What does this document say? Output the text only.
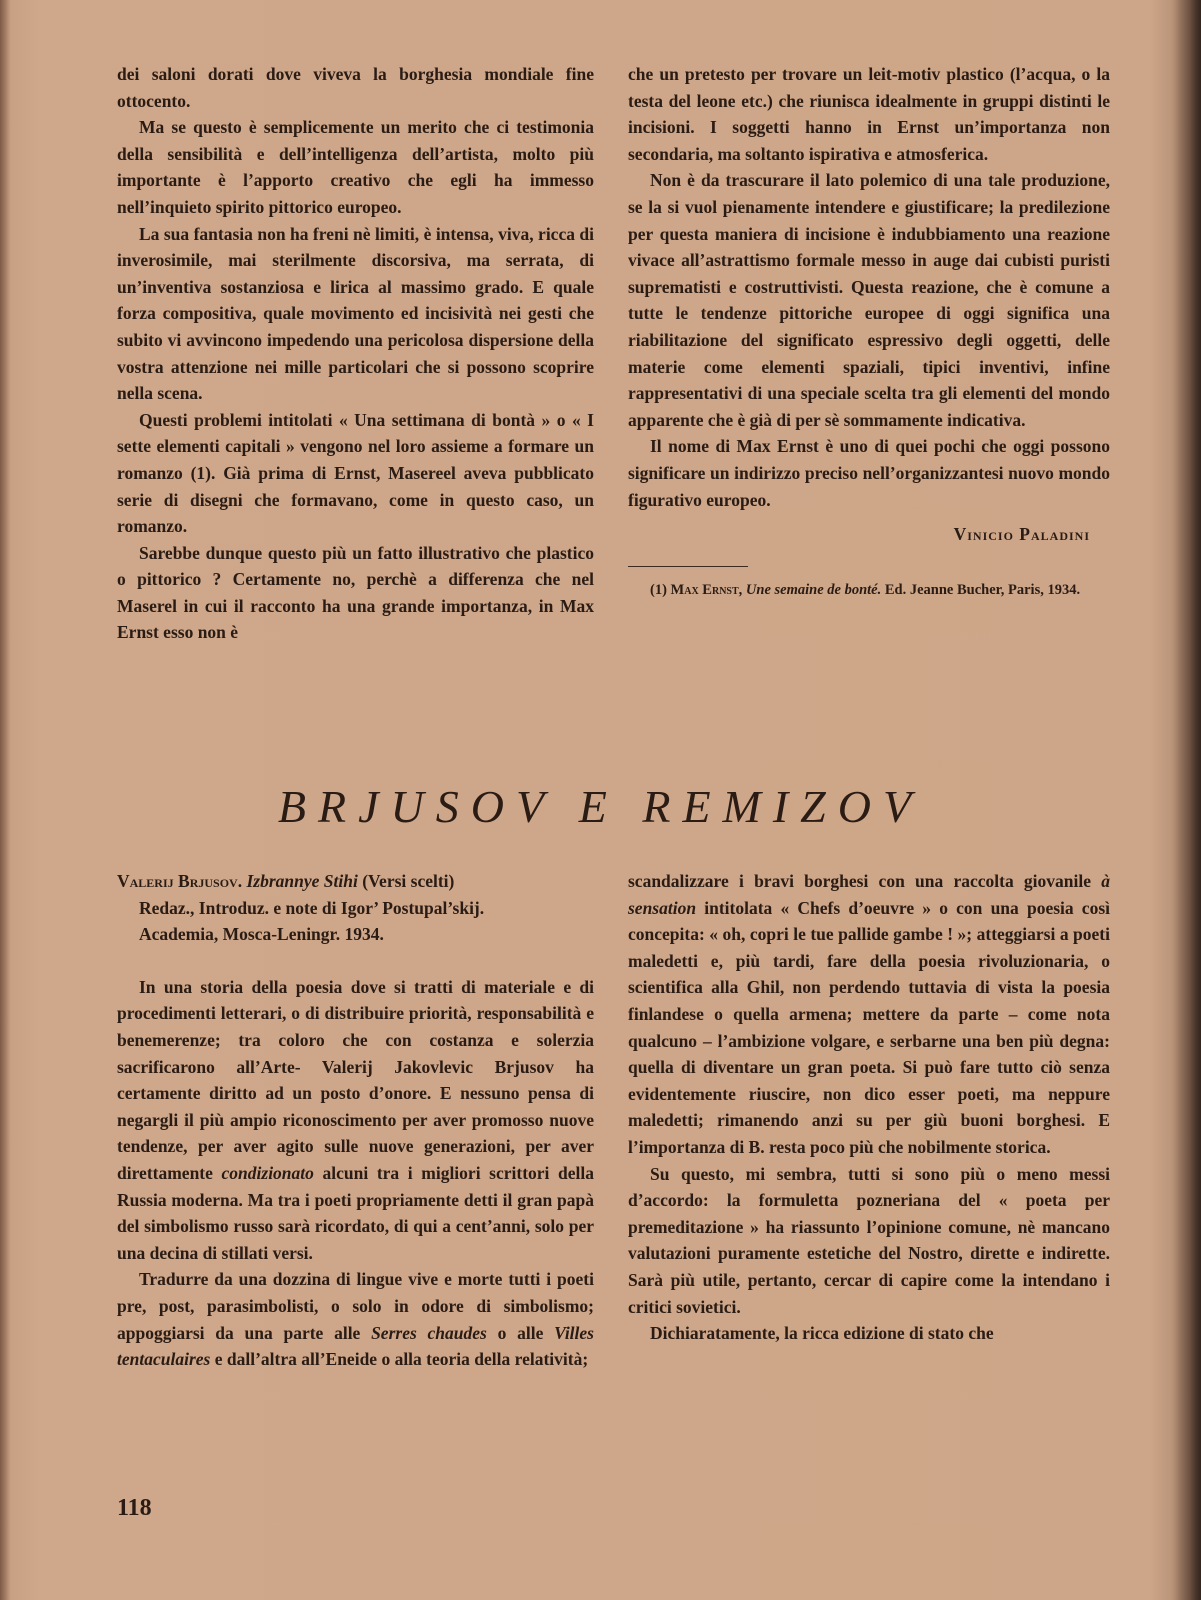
dei saloni dorati dove viveva la borghesia mondiale fine ottocento.

Ma se questo è semplicemente un merito che ci testimonia della sensibilità e dell’intelligenza dell’artista, molto più importante è l’apporto creativo che egli ha immesso nell’inquieto spirito pittorico europeo.

La sua fantasia non ha freni nè limiti, è intensa, viva, ricca di inverosimile, mai sterilmente discorsiva, ma serrata, di un’inventiva sostanziosa e lirica al massimo grado. E quale forza compositiva, quale movimento ed incisività nei gesti che subito vi avvincono impedendo una pericolosa dispersione della vostra attenzione nei mille particolari che si possono scoprire nella scena.

Questi problemi intitolati « Una settimana di bontà » o « I sette elementi capitali » vengono nel loro assieme a formare un romanzo (1). Già prima di Ernst, Masereel aveva pubblicato serie di disegni che formavano, come in questo caso, un romanzo.

Sarebbe dunque questo più un fatto illustrativo che plastico o pittorico ? Certamente no, perchè a differenza che nel Maserel in cui il racconto ha una grande importanza, in Max Ernst esso non è

che un pretesto per trovare un leit-motiv plastico (l’acqua, o la testa del leone etc.) che riunisca idealmente in gruppi distinti le incisioni. I soggetti hanno in Ernst un’importanza non secondaria, ma soltanto ispirativa e atmosferica.

Non è da trascurare il lato polemico di una tale produzione, se la si vuol pienamente intendere e giustificare; la predilezione per questa maniera di incisione è indubbiamento una reazione vivace all’astrattismo formale messo in auge dai cubisti puristi suprematisti e costruttivisti. Questa reazione, che è comune a tutte le tendenze pittoriche europee di oggi significa una riabilitazione del significato espressivo degli oggetti, delle materie come elementi spaziali, tipici inventivi, infine rappresentativi di una speciale scelta tra gli elementi del mondo apparente che è già di per sè sommamente indicativa.

Il nome di Max Ernst è uno di quei pochi che oggi possono significare un indirizzo preciso nell’organizzantesi nuovo mondo figurativo europeo.

Vinicio Paladini
(1) Max Ernst, Une semaine de bonté. Ed. Jeanne Bucher, Paris, 1934.
BRJUSOV E REMIZOV
Valerij Brjusov. Izbrannye Stihi (Versi scelti)
Redaz., Introduz. e note di Igor’ Postupal’skij.
Academia, Mosca-Leningr. 1934.

In una storia della poesia dove si tratti di materiale e di procedimenti letterari, o di distribuire priorità, responsabilità e benemerenze; tra coloro che con costanza e solerzia sacrificarono all’Arte- Valerij Jakovlevic Brjusov ha certamente diritto ad un posto d’onore. E nessuno pensa di negargli il più ampio riconoscimento per aver promosso nuove tendenze, per aver agito sulle nuove generazioni, per aver direttamente condizionato alcuni tra i migliori scrittori della Russia moderna. Ma tra i poeti propriamente detti il gran papà del simbolismo russo sarà ricordato, di qui a cent’anni, solo per una decina di stillati versi.

Tradurre da una dozzina di lingue vive e morte tutti i poeti pre, post, parasimbolisti, o solo in odore di simbolismo; appoggiarsi da una parte alle Serres chaudes o alle Villes tentaculaires e dall’altra all’Eneide o alla teoria della relatività;

scandalizzare i bravi borghesi con una raccolta giovanile à sensation intitolata « Chefs d’oeuvre » o con una poesia così concepita: « oh, copri le tue pallide gambe ! »; atteggiarsi a poeti maledetti e, più tardi, fare della poesia rivoluzionaria, o scientifica alla Ghil, non perdendo tuttavia di vista la poesia finlandese o quella armena; mettere da parte – come nota qualcuno – l’ambizione volgare, e serbarne una ben più degna: quella di diventare un gran poeta. Si può fare tutto ciò senza evidentemente riuscire, non dico esser poeti, ma neppure maledetti; rimanendo anzi su per giù buoni borghesi. E l’importanza di B. resta poco più che nobilmente storica.

Su questo, mi sembra, tutti si sono più o meno messi d’accordo: la formuletta pozneriana del « poeta per premeditazione » ha riassunto l’opinione comune, nè mancano valutazioni puramente estetiche del Nostro, dirette e indirette. Sarà più utile, pertanto, cercar di capire come la intendano i critici sovietici.

Dichiaratamente, la ricca edizione di stato che

118
